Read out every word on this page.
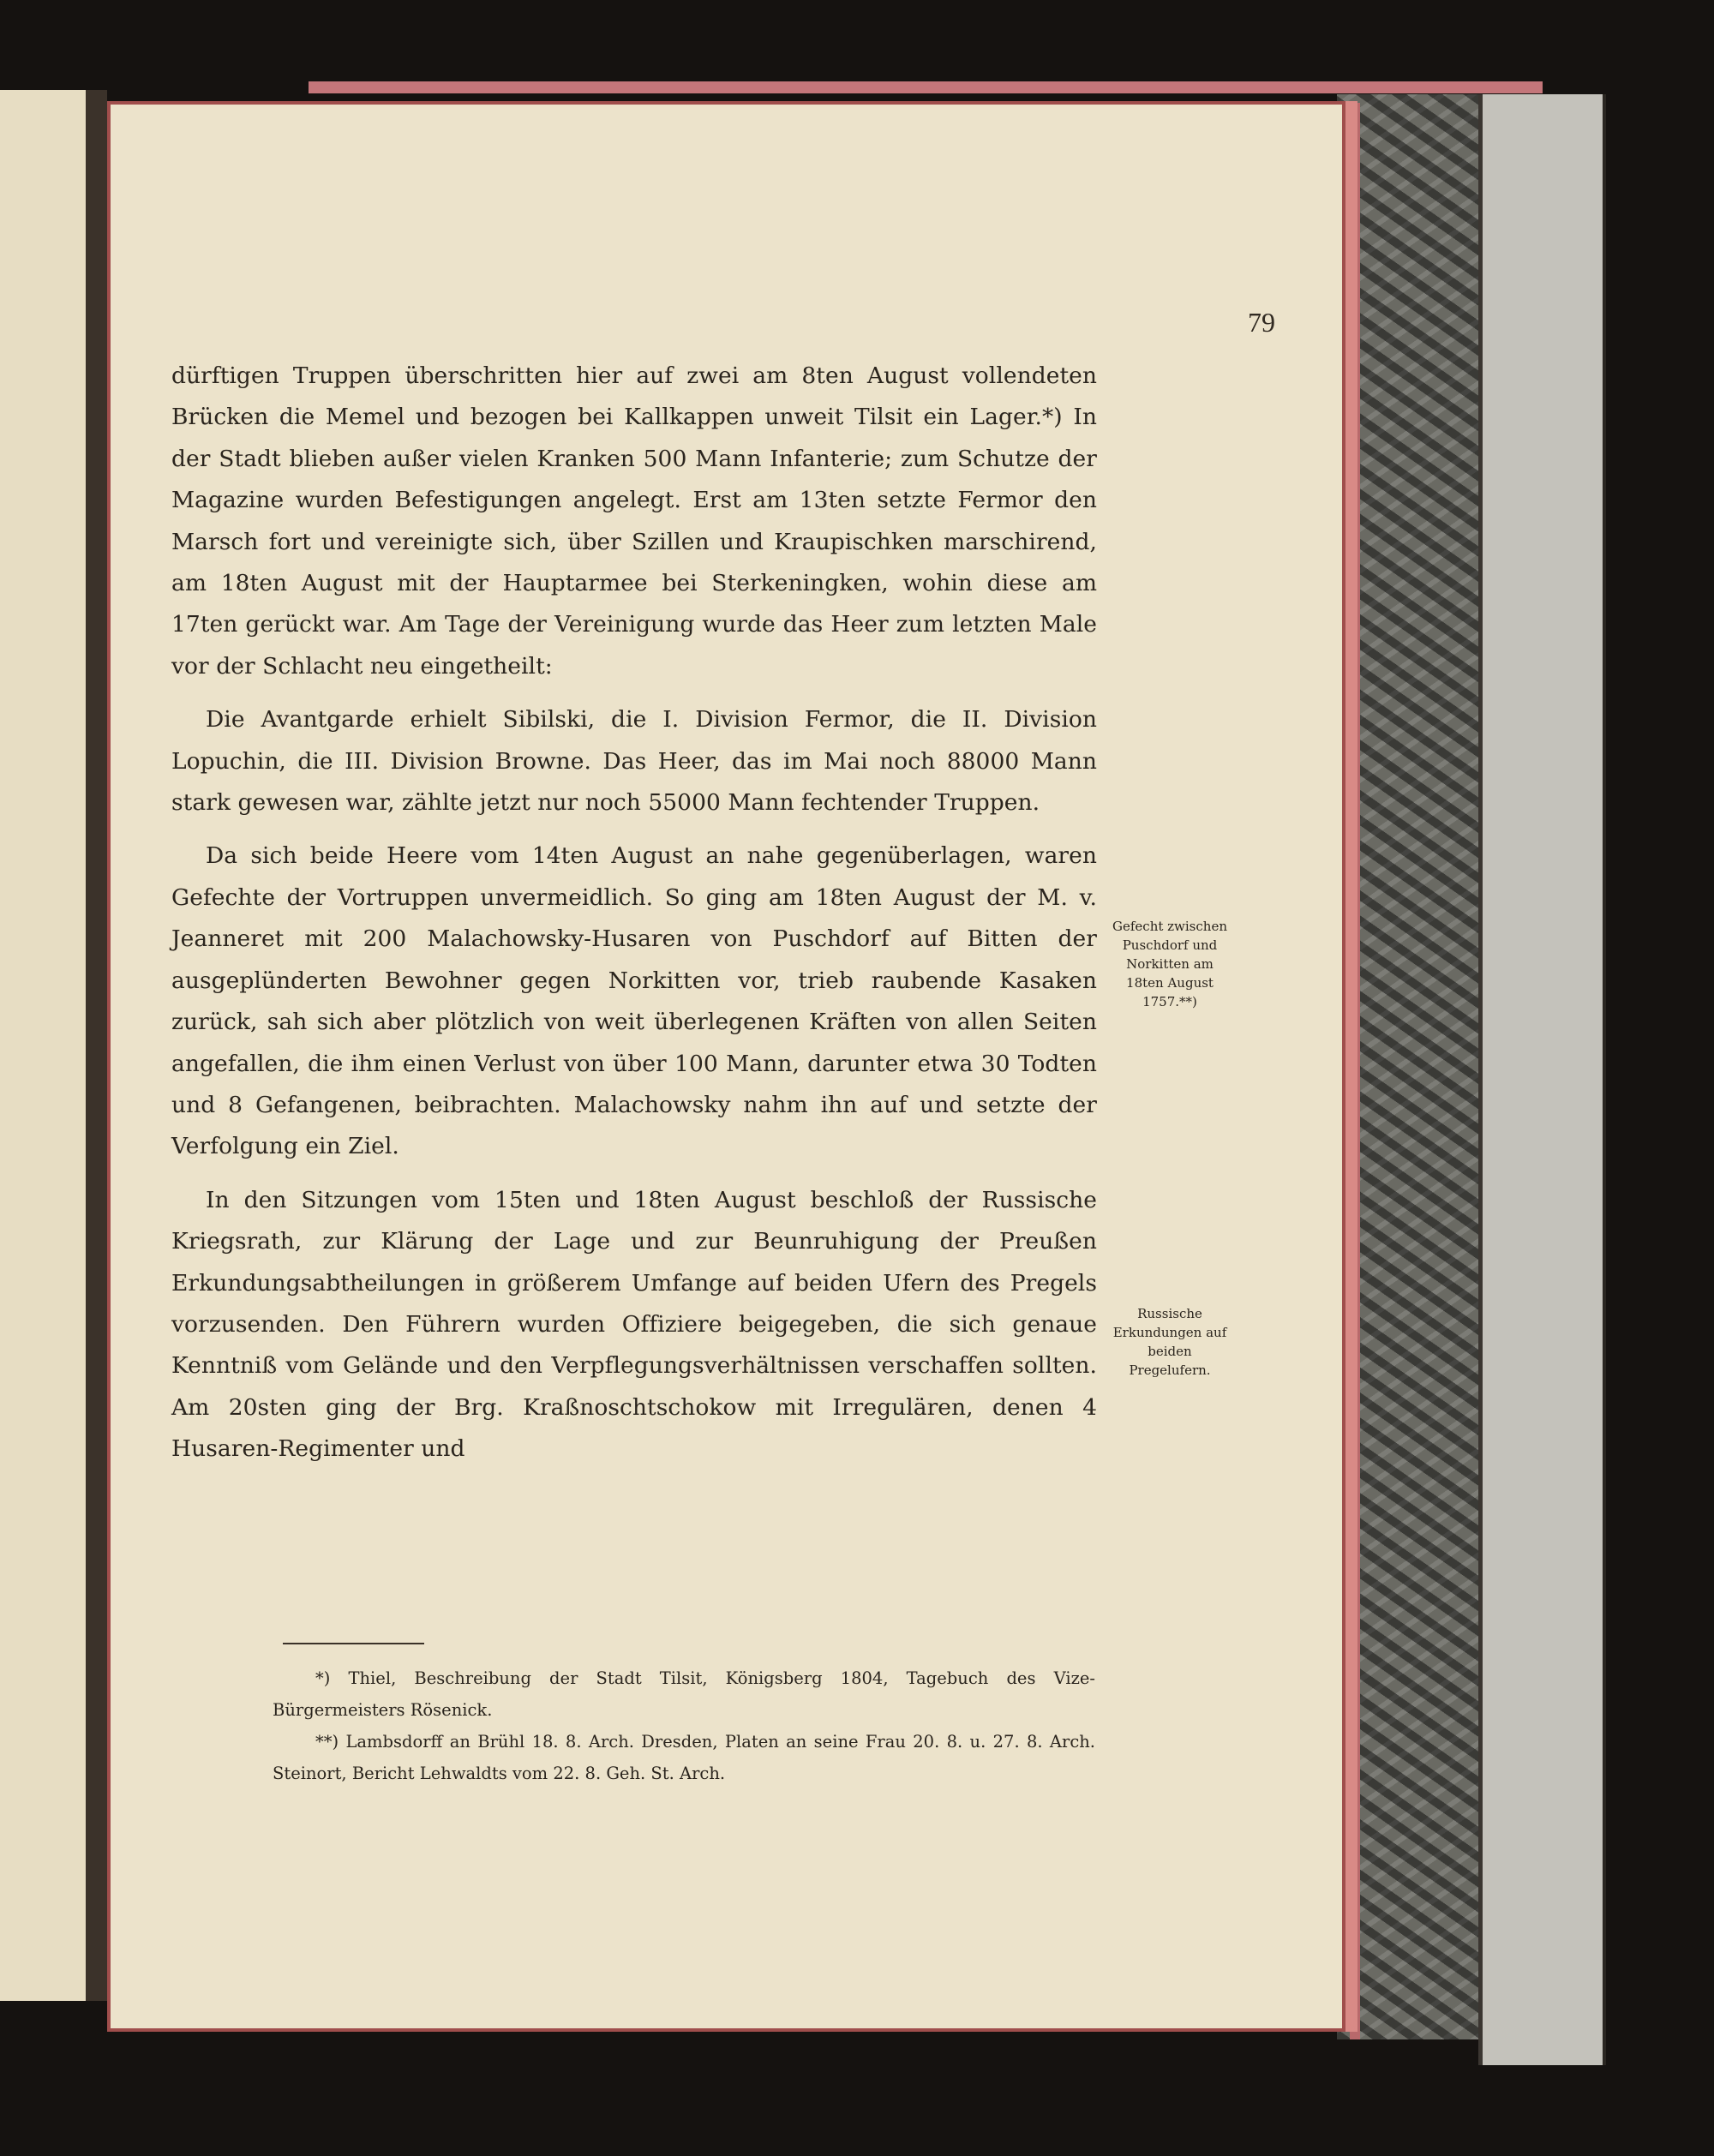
79

dürftigen Truppen überschritten hier auf zwei am 8ten August vollendeten Brücken die Memel und bezogen bei Kallkappen unweit Tilsit ein Lager.*) In der Stadt blieben außer vielen Kranken 500 Mann Infanterie; zum Schutze der Magazine wurden Befestigungen angelegt. Erst am 13ten setzte Fermor den Marsch fort und vereinigte sich, über Szillen und Kraupischken marschirend, am 18ten August mit der Hauptarmee bei Sterkeningken, wohin diese am 17ten gerückt war. Am Tage der Vereinigung wurde das Heer zum letzten Male vor der Schlacht neu eingetheilt:

Die Avantgarde erhielt Sibilski, die I. Division Fermor, die II. Division Lopuchin, die III. Division Browne. Das Heer, das im Mai noch 88000 Mann stark gewesen war, zählte jetzt nur noch 55000 Mann fechtender Truppen.

Da sich beide Heere vom 14ten August an nahe gegenüberlagen, waren Gefechte der Vortruppen unvermeidlich. So ging am 18ten August der M. v. Jeanneret mit 200 Malachowsky-Husaren von Puschdorf auf Bitten der ausgeplünderten Bewohner gegen Norkitten vor, trieb raubende Kasaken zurück, sah sich aber plötzlich von weit überlegenen Kräften von allen Seiten angefallen, die ihm einen Verlust von über 100 Mann, darunter etwa 30 Todten und 8 Gefangenen, beibrachten. Malachowsky nahm ihn auf und setzte der Verfolgung ein Ziel.

In den Sitzungen vom 15ten und 18ten August beschloß der Russische Kriegsrath, zur Klärung der Lage und zur Beunruhigung der Preußen Erkundungsabtheilungen in größerem Umfange auf beiden Ufern des Pregels vorzusenden. Den Führern wurden Offiziere beigegeben, die sich genaue Kenntniß vom Gelände und den Verpflegungsverhältnissen verschaffen sollten. Am 20sten ging der Brg. Kraßnoschtschokow mit Irregulären, denen 4 Husaren-Regimenter und

Gefecht zwischen Puschdorf und Norkitten am 18ten August 1757.**)
Russische Erkundungen auf beiden Pregelufern.

*) Thiel, Beschreibung der Stadt Tilsit, Königsberg 1804, Tagebuch des Vize-Bürgermeisters Rösenick.

**) Lambsdorff an Brühl 18. 8. Arch. Dresden, Platen an seine Frau 20. 8. u. 27. 8. Arch. Steinort, Bericht Lehwaldts vom 22. 8. Geh. St. Arch.
